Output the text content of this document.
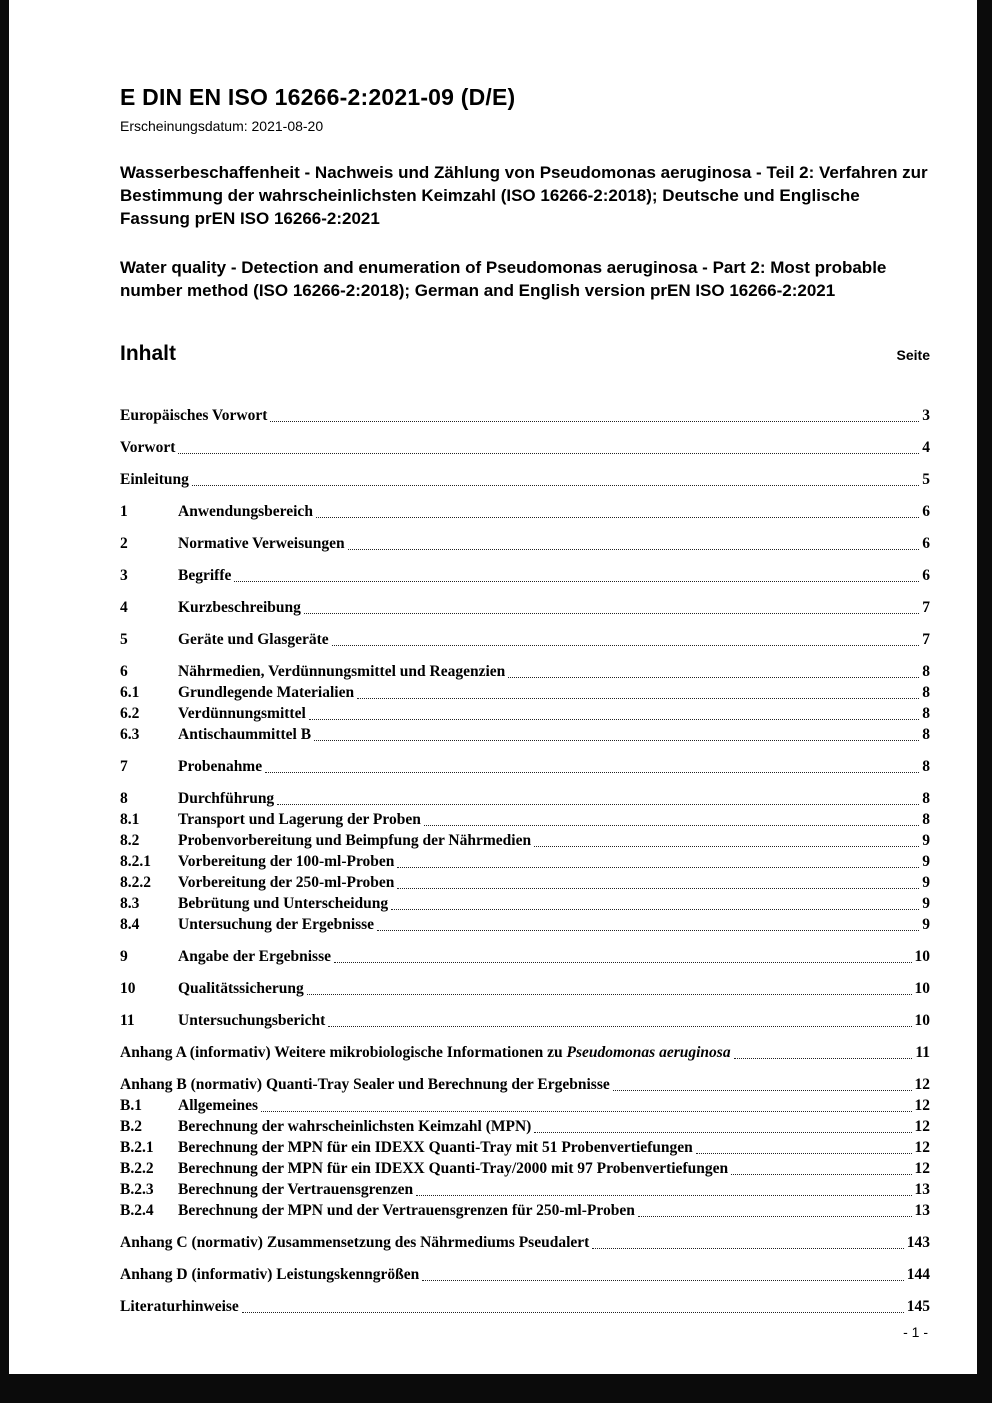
E DIN EN ISO 16266-2:2021-09 (D/E)
Erscheinungsdatum: 2021-08-20

Wasserbeschaffenheit - Nachweis und Zählung von Pseudomonas aeruginosa - Teil 2: Verfahren zur Bestimmung der wahrscheinlichsten Keimzahl (ISO 16266-2:2018); Deutsche und Englische Fassung prEN ISO 16266-2:2021

Water quality - Detection and enumeration of Pseudomonas aeruginosa - Part 2: Most probable number method (ISO 16266-2:2018); German and English version prEN ISO 16266-2:2021

Inhalt	Seite
Europäisches Vorwort	3
Vorwort	4
Einleitung	5
1	Anwendungsbereich	6
2	Normative Verweisungen	6
3	Begriffe	6
4	Kurzbeschreibung	7
5	Geräte und Glasgeräte	7
6	Nährmedien, Verdünnungsmittel und Reagenzien	8
6.1	Grundlegende Materialien	8
6.2	Verdünnungsmittel	8
6.3	Antischaummittel B	8
7	Probenahme	8
8	Durchführung	8
8.1	Transport und Lagerung der Proben	8
8.2	Probenvorbereitung und Beimpfung der Nährmedien	9
8.2.1	Vorbereitung der 100-ml-Proben	9
8.2.2	Vorbereitung der 250-ml-Proben	9
8.3	Bebrütung und Unterscheidung	9
8.4	Untersuchung der Ergebnisse	9
9	Angabe der Ergebnisse	10
10	Qualitätssicherung	10
11	Untersuchungsbericht	10
Anhang A (informativ) Weitere mikrobiologische Informationen zu Pseudomonas aeruginosa	11
Anhang B (normativ) Quanti-Tray Sealer und Berechnung der Ergebnisse	12
B.1	Allgemeines	12
B.2	Berechnung der wahrscheinlichsten Keimzahl (MPN)	12
B.2.1	Berechnung der MPN für ein IDEXX Quanti-Tray mit 51 Probenvertiefungen	12
B.2.2	Berechnung der MPN für ein IDEXX Quanti-Tray/2000 mit 97 Probenvertiefungen	12
B.2.3	Berechnung der Vertrauensgrenzen	13
B.2.4	Berechnung der MPN und der Vertrauensgrenzen für 250-ml-Proben	13
Anhang C (normativ) Zusammensetzung des Nährmediums Pseudalert	143
Anhang D (informativ) Leistungskenngrößen	144
Literaturhinweise	145
- 1 -
